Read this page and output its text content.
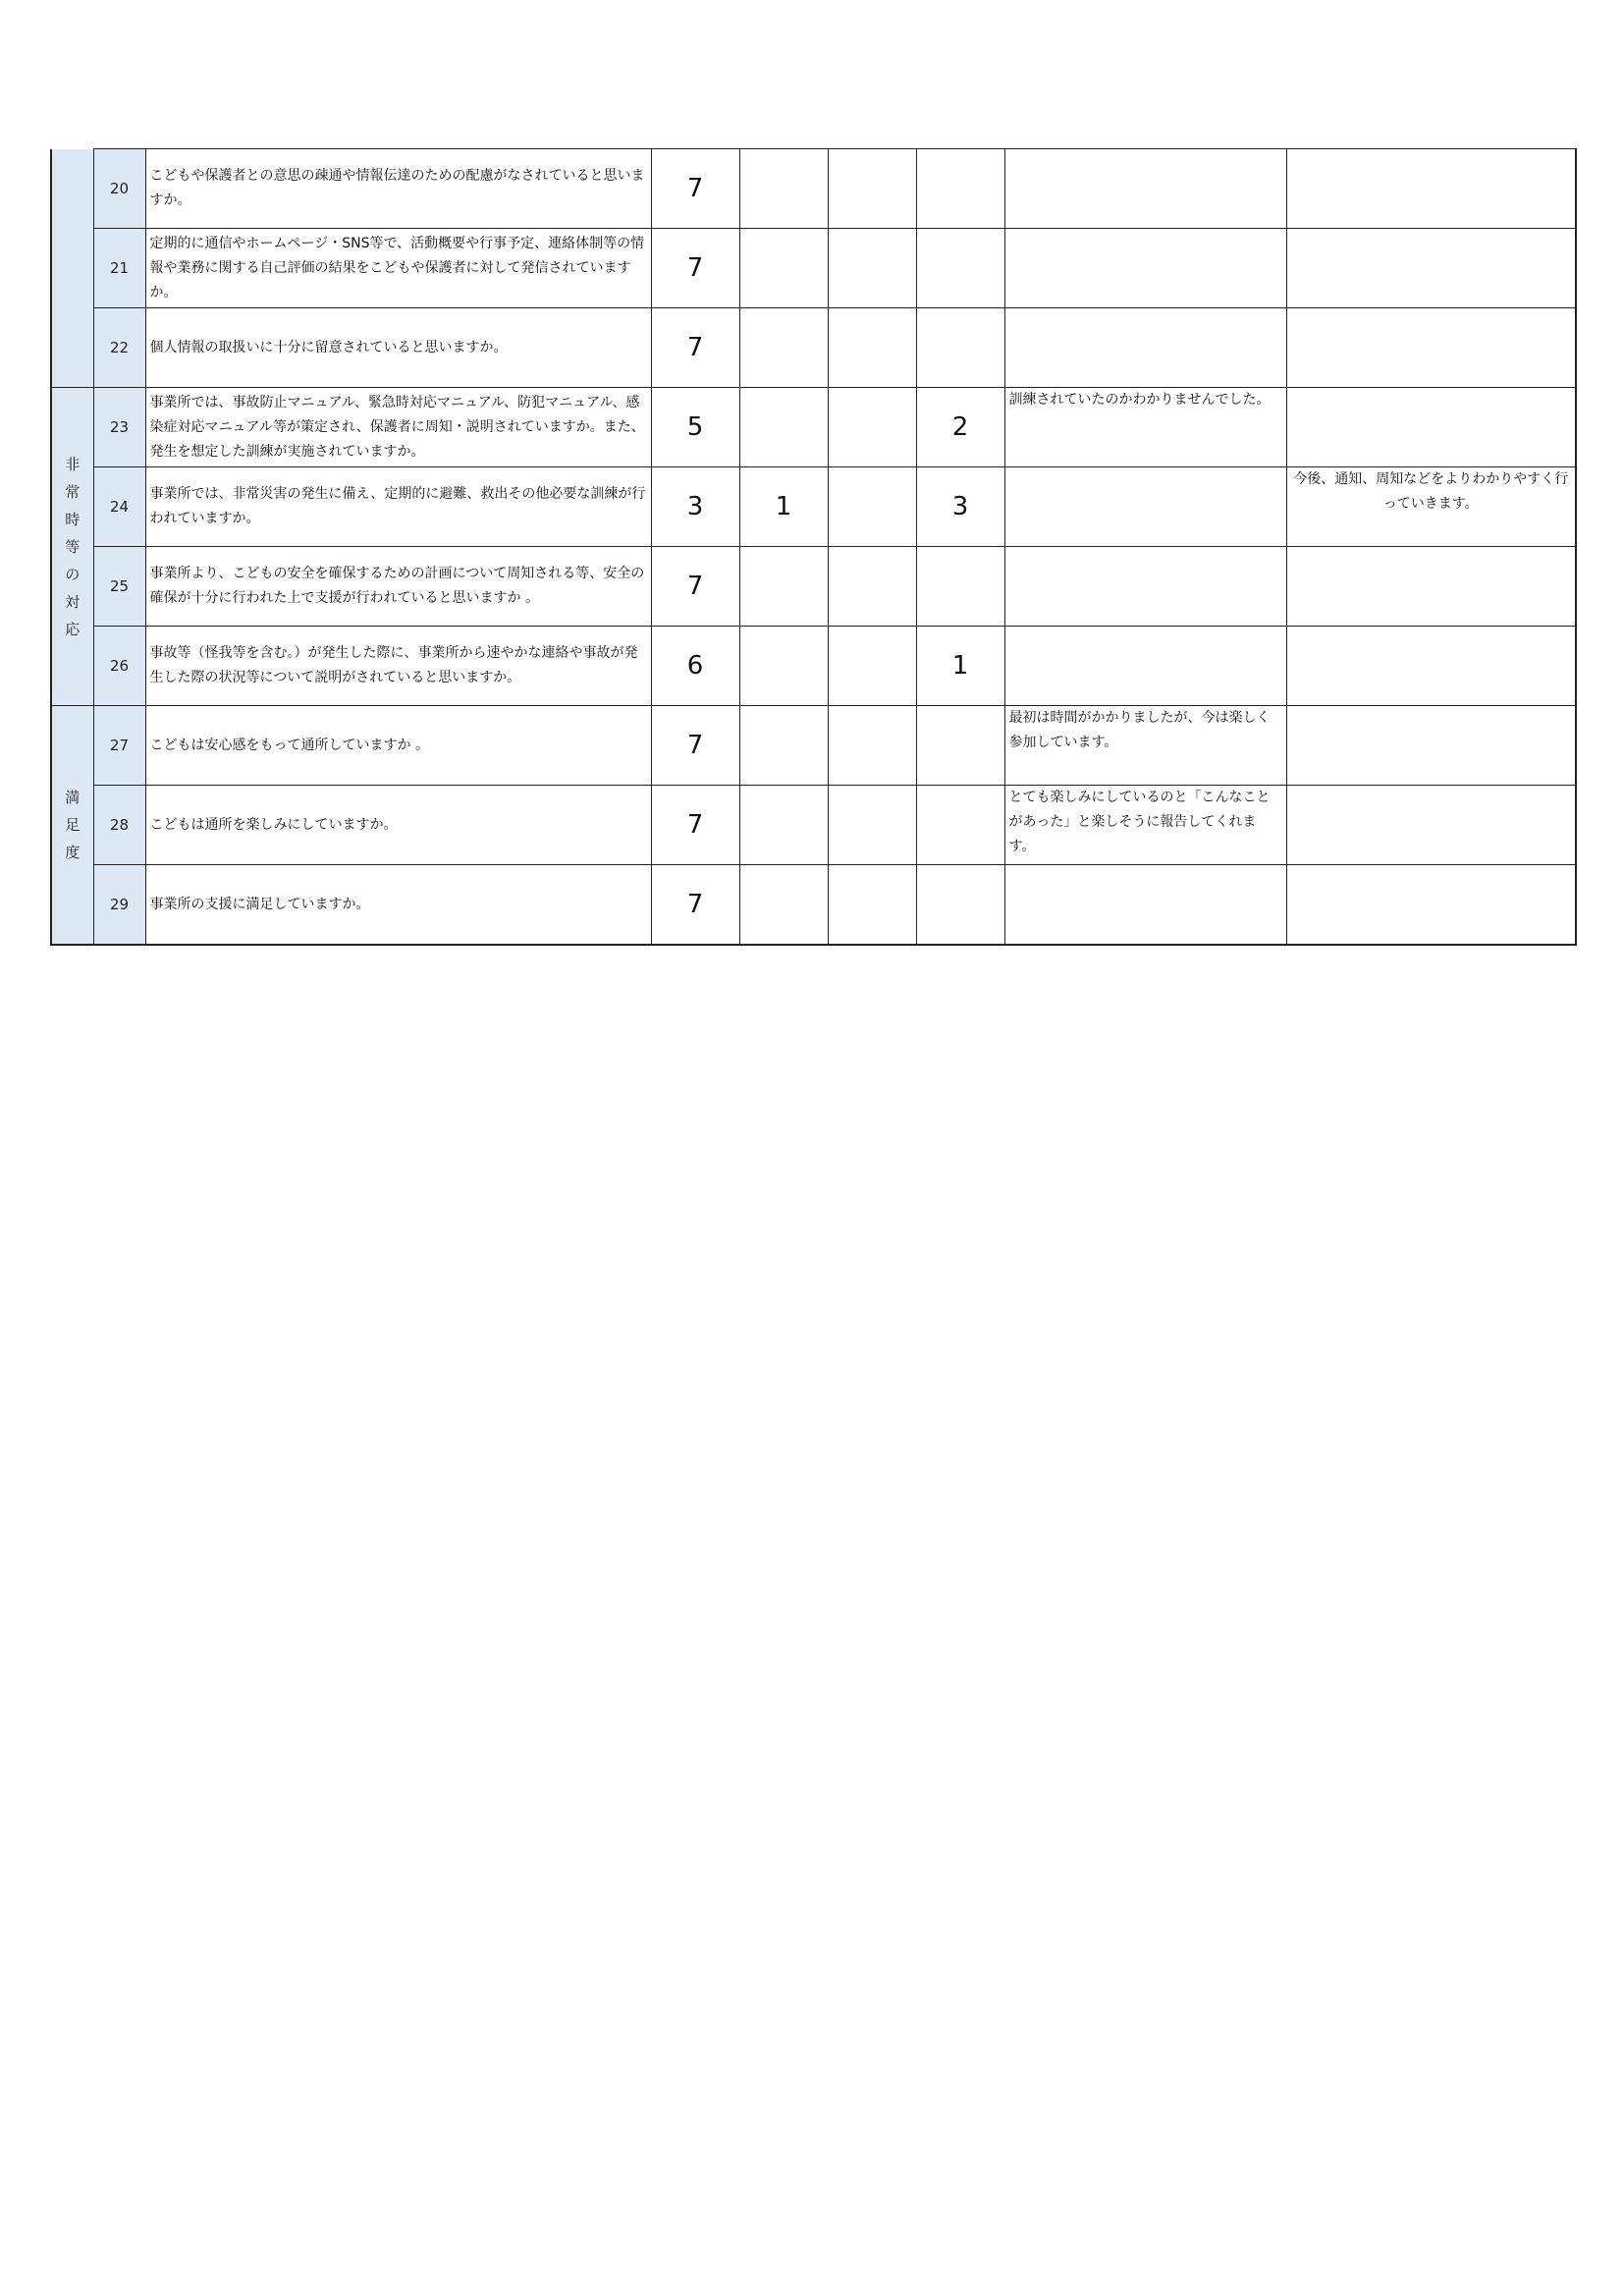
	20	こどもや保護者との意思の疎通や情報伝達のための配慮がなされていると思いますか。	7					
	21	定期的に通信やホームページ・SNS等で、活動概要や行事予定、連絡体制等の情報や業務に関する自己評価の結果をこどもや保護者に対して発信されていますか。	7					
	22	個人情報の取扱いに十分に留意されていると思いますか。	7					
非常時等の対応	23	事業所では、事故防止マニュアル、緊急時対応マニュアル、防犯マニュアル、感染症対応マニュアル等が策定され、保護者に周知・説明されていますか。また、発生を想定した訓練が実施されていますか。	5			2	訓練されていたのかわかりませんでした。	
	24	事業所では、非常災害の発生に備え、定期的に避難、救出その他必要な訓練が行われていますか。	3	1		3		今後、通知、周知などをよりわかりやすく行っていきます。
	25	事業所より、こどもの安全を確保するための計画について周知される等、安全の確保が十分に行われた上で支援が行われていると思いますか 。	7					
	26	事故等（怪我等を含む。）が発生した際に、事業所から速やかな連絡や事故が発生した際の状況等について説明がされていると思いますか。	6			1		
満足度	27	こどもは安心感をもって通所していますか 。	7				最初は時間がかかりましたが、今は楽しく参加しています。	
	28	こどもは通所を楽しみにしていますか。	7				とても楽しみにしているのと「こんなことがあった」と楽しそうに報告してくれます。	
	29	事業所の支援に満足していますか。	7					
